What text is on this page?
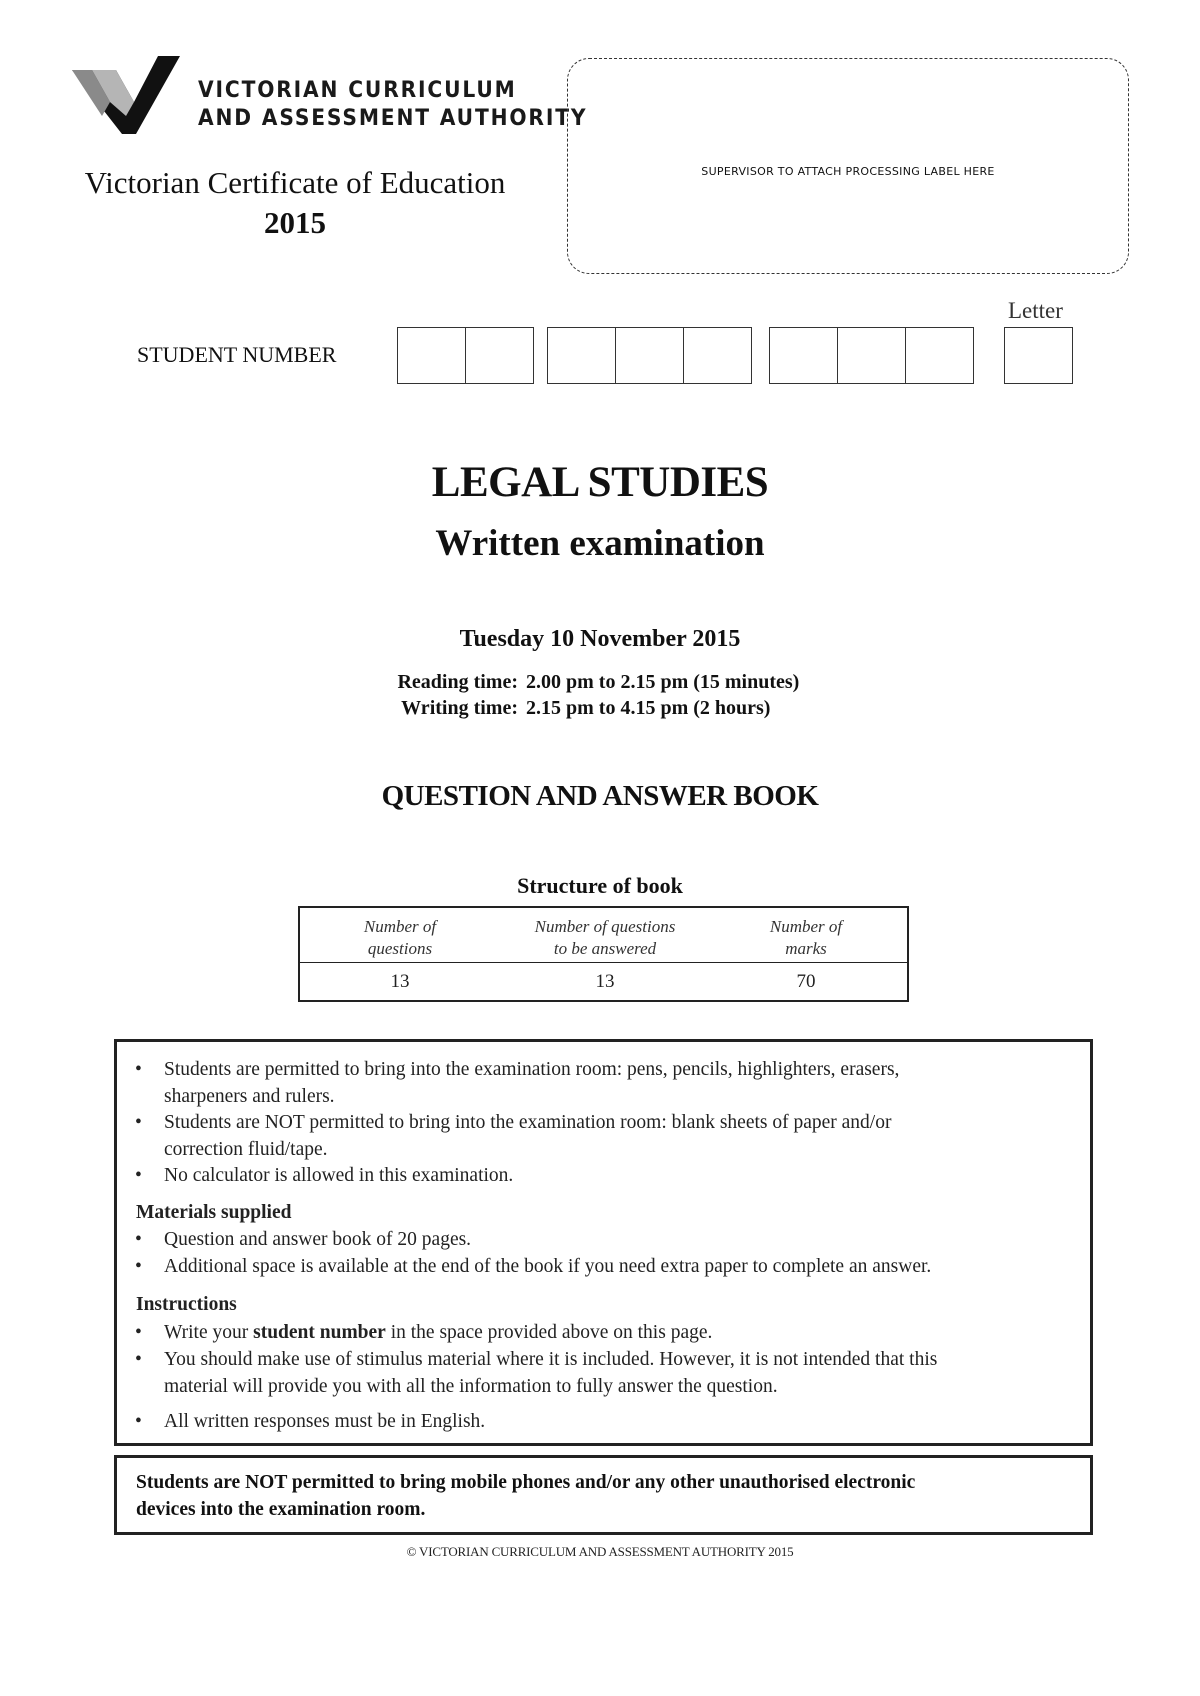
VICTORIAN CURRICULUM
AND ASSESSMENT AUTHORITY
Victorian Certificate of Education
2015
SUPERVISOR TO ATTACH PROCESSING LABEL HERE
STUDENT NUMBER
Letter
LEGAL STUDIES
Written examination
Tuesday 10 November 2015
Reading time: 2.00 pm to 2.15 pm (15 minutes)
Writing time: 2.15 pm to 4.15 pm (2 hours)
QUESTION AND ANSWER BOOK
Structure of book
Number of
questions
Number of questions
to be answered
Number of
marks
13	13	70
• Students are permitted to bring into the examination room: pens, pencils, highlighters, erasers,
sharpeners and rulers.
• Students are NOT permitted to bring into the examination room: blank sheets of paper and/or
correction fluid/tape.
• No calculator is allowed in this examination.
Materials supplied
• Question and answer book of 20 pages.
• Additional space is available at the end of the book if you need extra paper to complete an answer.
Instructions
• Write your student number in the space provided above on this page.
• You should make use of stimulus material where it is included. However, it is not intended that this
material will provide you with all the information to fully answer the question.
• All written responses must be in English.
Students are NOT permitted to bring mobile phones and/or any other unauthorised electronic
devices into the examination room.
© VICTORIAN CURRICULUM AND ASSESSMENT AUTHORITY 2015
